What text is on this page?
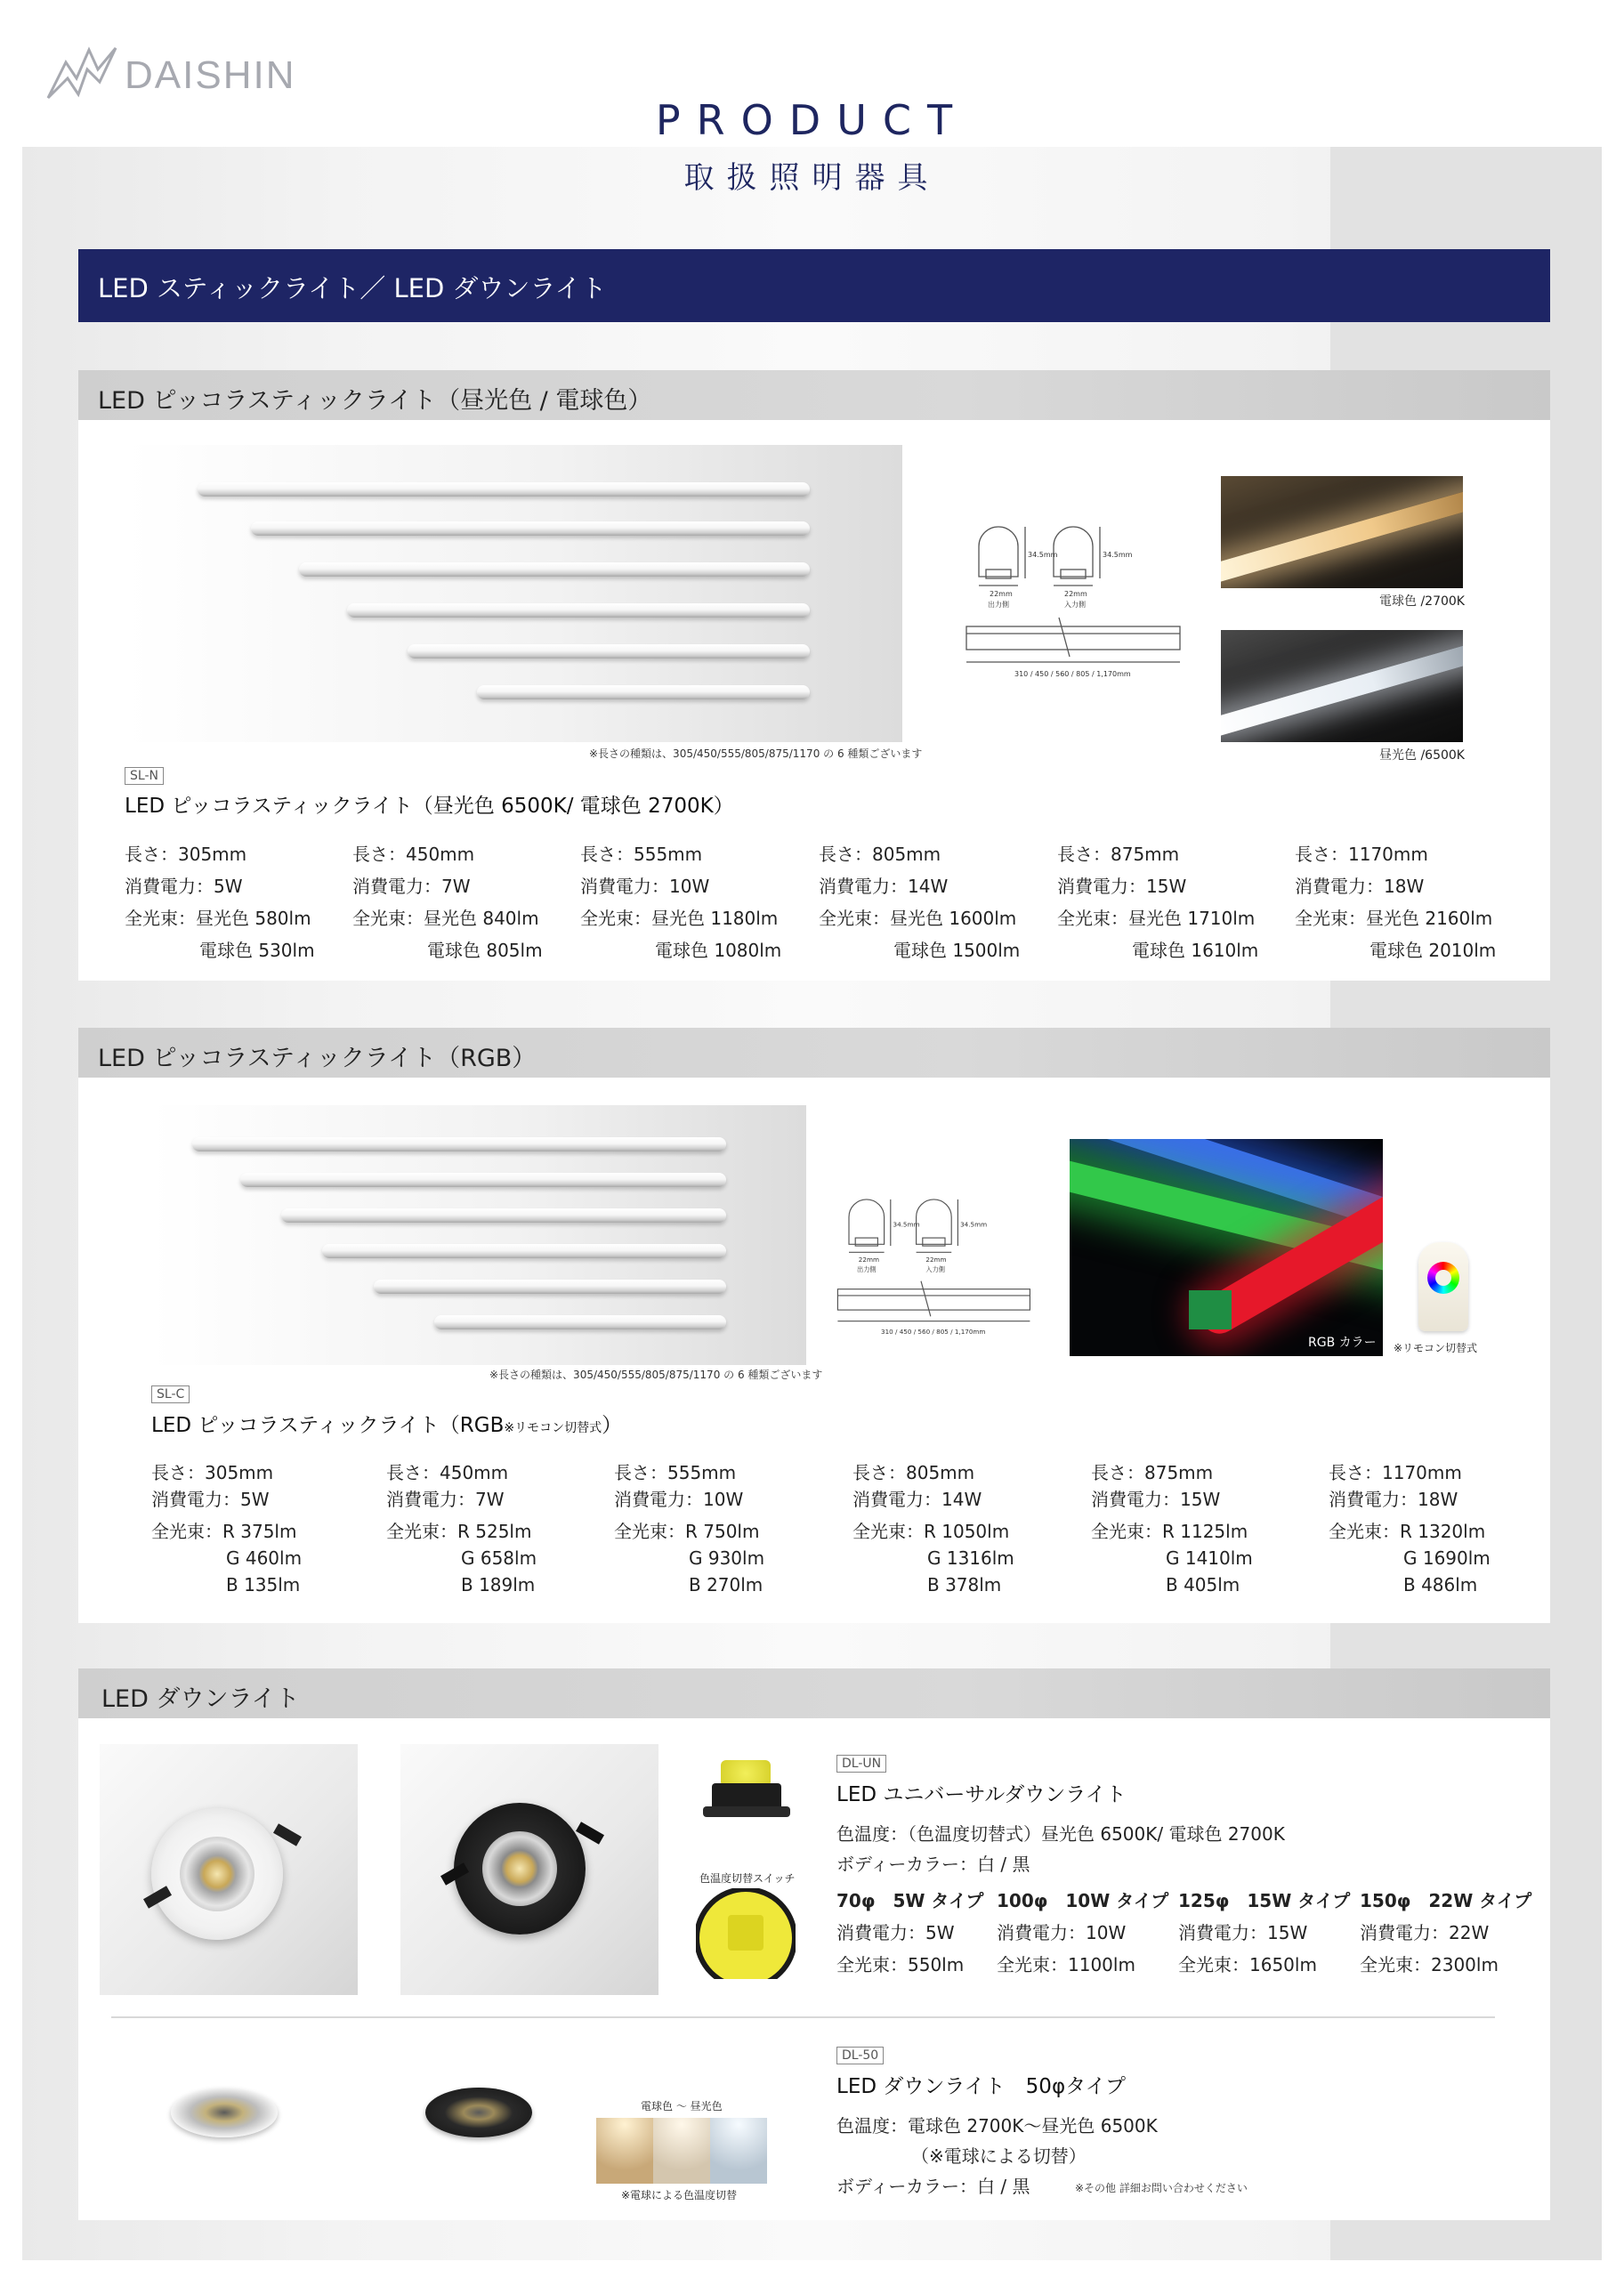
DAISHIN
PRODUCT
取扱照明器具
LED スティックライト／ LED ダウンライト
LED ピッコラスティックライト（昼光色 / 電球色）
※長さの種類は、305/450/555/805/875/1170 の 6 種類ございます
34.5mm	34.5mm
22mm	22mm
出力側	入力側
310 / 450 / 560 / 805 / 1,170mm
電球色 /2700K
昼光色 /6500K
SL-N
LED ピッコラスティックライト（昼光色 6500K/ 電球色 2700K）
長さ：305mm
消費電力：5W
全光束：昼光色 580lm
電球色 530lm
長さ：450mm
消費電力：7W
全光束：昼光色 840lm
電球色 805lm
長さ：555mm
消費電力：10W
全光束：昼光色 1180lm
電球色 1080lm
長さ：805mm
消費電力：14W
全光束：昼光色 1600lm
電球色 1500lm
長さ：875mm
消費電力：15W
全光束：昼光色 1710lm
電球色 1610lm
長さ：1170mm
消費電力：18W
全光束：昼光色 2160lm
電球色 2010lm
LED ピッコラスティックライト（RGB）
※長さの種類は、305/450/555/805/875/1170 の 6 種類ございます
34.5mm	34.5mm
22mm	22mm
出力側	入力側
310 / 450 / 560 / 805 / 1,170mm
RGB カラー ※リモコン切替式
SL-C
LED ピッコラスティックライト（RGB※リモコン切替式）
長さ：305mm
消費電力：5W
全光束：R 375lm
G 460lm
B 135lm
長さ：450mm
消費電力：7W
全光束：R 525lm
G 658lm
B 189lm
長さ：555mm
消費電力：10W
全光束：R 750lm
G 930lm
B 270lm
長さ：805mm
消費電力：14W
全光束：R 1050lm
G 1316lm
B 378lm
長さ：875mm
消費電力：15W
全光束：R 1125lm
G 1410lm
B 405lm
長さ：1170mm
消費電力：18W
全光束：R 1320lm
G 1690lm
B 486lm
LED ダウンライト
色温度切替スイッチ
DL-UN
LED ユニバーサルダウンライト
色温度：（色温度切替式）昼光色 6500K/ 電球色 2700K
ボディーカラー：白 / 黒
70φ　5W タイプ
消費電力：5W
全光束：550lm
100φ　10W タイプ
消費電力：10W
全光束：1100lm
125φ　15W タイプ
消費電力：15W
全光束：1650lm
150φ　22W タイプ
消費電力：22W
全光束：2300lm
電球色 〜 昼光色
※電球による色温度切替
DL-50
LED ダウンライト　50φタイプ
色温度：電球色 2700K〜昼光色 6500K
（※電球による切替）
ボディーカラー：白 / 黒	※その他 詳細お問い合わせください
